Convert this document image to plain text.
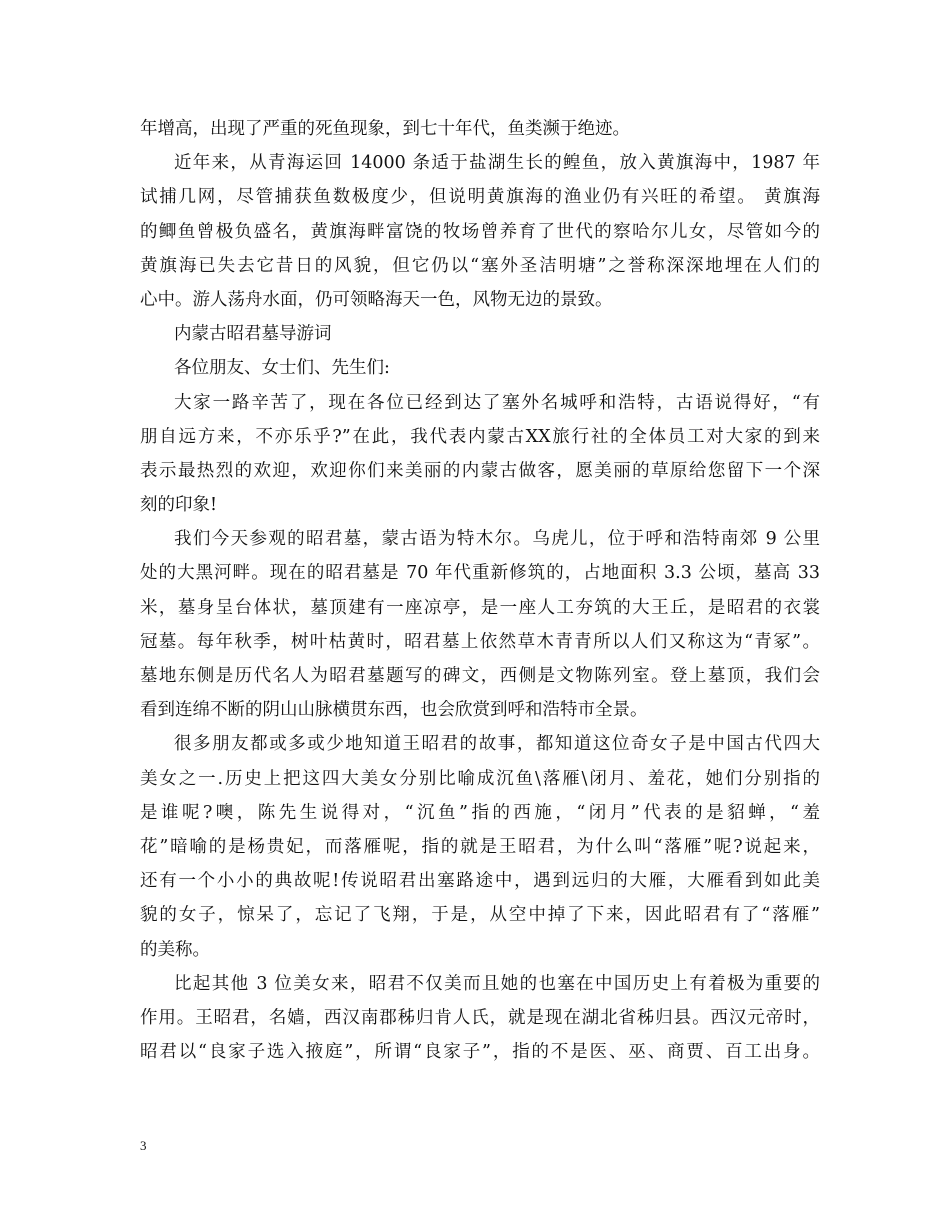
年增高，出现了严重的死鱼现象，到七十年代，鱼类濒于绝迹。
近年来，从青海运回 14000 条适于盐湖生长的鳇鱼，放入黄旗海中，1987 年
试捕几网，尽管捕获鱼数极度少，但说明黄旗海的渔业仍有兴旺的希望。 黄旗海
的鲫鱼曾极负盛名，黄旗海畔富饶的牧场曾养育了世代的察哈尔儿女，尽管如今的
黄旗海已失去它昔日的风貌，但它仍以“塞外圣洁明塘”之誉称深深地埋在人们的
心中。游人荡舟水面，仍可领略海天一色，风物无边的景致。
内蒙古昭君墓导游词
各位朋友、女士们、先生们:
大家一路辛苦了，现在各位已经到达了塞外名城呼和浩特，古语说得好，“有
朋自远方来，不亦乐乎?”在此，我代表内蒙古XX旅行社的全体员工对大家的到来
表示最热烈的欢迎，欢迎你们来美丽的内蒙古做客，愿美丽的草原给您留下一个深
刻的印象!
我们今天参观的昭君墓，蒙古语为特木尔。乌虎儿，位于呼和浩特南郊 9 公里
处的大黑河畔。现在的昭君墓是 70 年代重新修筑的，占地面积 3.3 公顷，墓高 33
米，墓身呈台体状，墓顶建有一座凉亭，是一座人工夯筑的大王丘，是昭君的衣裳
冠墓。每年秋季，树叶枯黄时，昭君墓上依然草木青青所以人们又称这为“青冢”。
墓地东侧是历代名人为昭君墓题写的碑文，西侧是文物陈列室。登上墓顶，我们会
看到连绵不断的阴山山脉横贯东西，也会欣赏到呼和浩特市全景。
很多朋友都或多或少地知道王昭君的故事，都知道这位奇女子是中国古代四大
美女之一.历史上把这四大美女分别比喻成沉鱼\落雁\闭月、羞花，她们分别指的
是谁呢?噢，陈先生说得对，“沉鱼”指的西施，“闭月”代表的是貂蝉，“羞
花”暗喻的是杨贵妃，而落雁呢，指的就是王昭君，为什么叫“落雁”呢?说起来，
还有一个小小的典故呢!传说昭君出塞路途中，遇到远归的大雁，大雁看到如此美
貌的女子，惊呆了，忘记了飞翔，于是，从空中掉了下来，因此昭君有了“落雁”
的美称。
比起其他 3 位美女来，昭君不仅美而且她的也塞在中国历史上有着极为重要的
作用。王昭君，名嫱，西汉南郡秭归肯人氏，就是现在湖北省秭归县。西汉元帝时，
昭君以“良家子选入掖庭”，所谓“良家子”，指的不是医、巫、商贾、百工出身。
3
